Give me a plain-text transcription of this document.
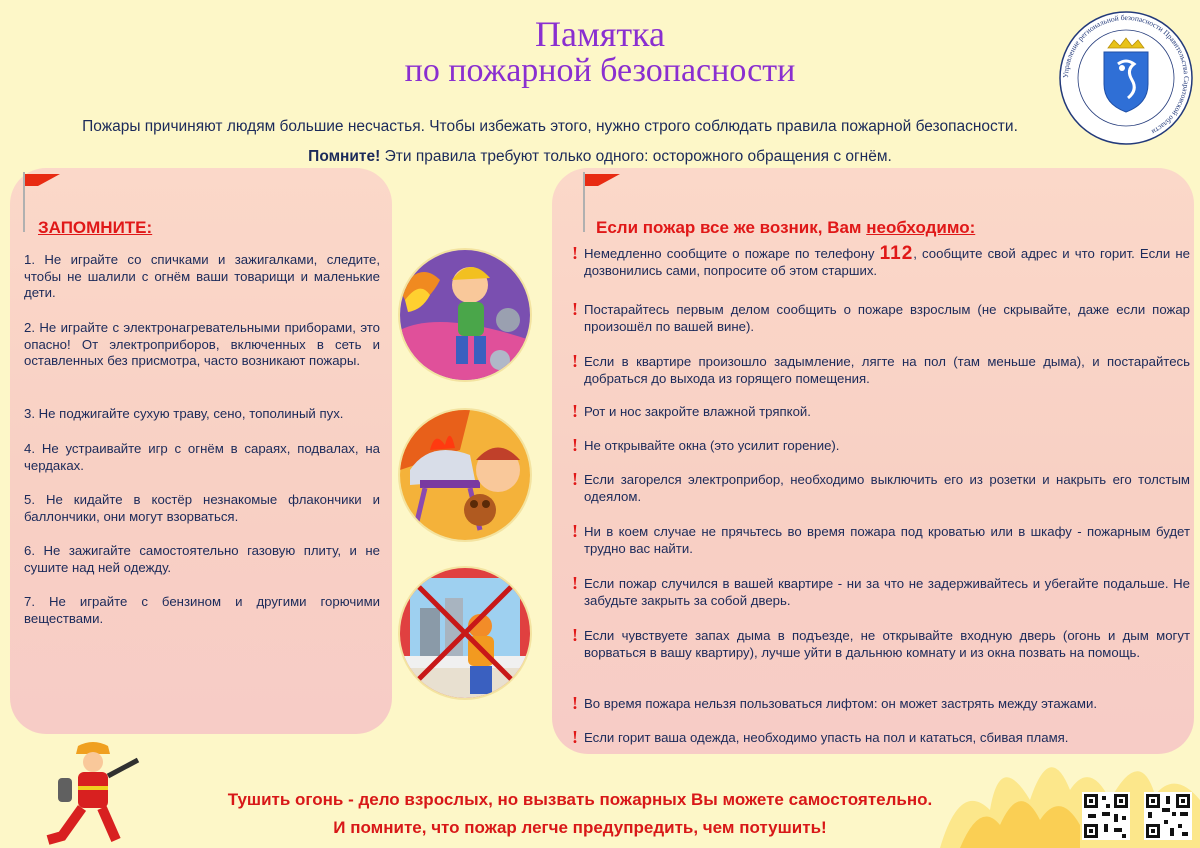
Памятка
по пожарной безопасности	Управление региональной безопасности Правительства Саратовской области
Пожары причиняют людям большие несчастья. Чтобы избежать этого, нужно строго соблюдать правила пожарной безопасности.
Помните! Эти правила требуют только одного: осторожного обращения с огнём.
ЗАПОМНИТЕ:
1. Не играйте со спичками и зажигалками, следите, чтобы не шалили с огнём ваши товарищи и маленькие дети.
2. Не играйте с электронагревательными приборами, это опасно! От электроприборов, включенных в сеть и оставленных без присмотра, часто возникают пожары.
3. Не поджигайте сухую траву, сено, тополиный пух.
4. Не устраивайте игр с огнём в сараях, подвалах, на чердаках.
5. Не кидайте в костёр незнакомые флакончики и баллончики, они могут взорваться.
6. Не зажигайте самостоятельно газовую плиту, и не сушите над ней одежду.
7. Не играйте с бензином и другими горючими веществами.
Если пожар все же возник, Вам необходимо:
! Немедленно сообщите о пожаре по телефону 112, сообщите свой адрес и что горит. Если не дозвонились сами, попросите об этом старших.
! Постарайтесь первым делом сообщить о пожаре взрослым (не скрывайте, даже если пожар произошёл по вашей вине).
! Если в квартире произошло задымление, лягте на пол (там меньше дыма), и постарайтесь добраться до выхода из горящего помещения.
! Рот и нос закройте влажной тряпкой.
! Не открывайте окна (это усилит горение).
! Если загорелся электроприбор, необходимо выключить его из розетки и накрыть его толстым одеялом.
! Ни в коем случае не прячьтесь во время пожара под кроватью или в шкафу - пожарным будет трудно вас найти.
! Если пожар случился в вашей квартире - ни за что не задерживайтесь и убегайте подальше. Не забудьте закрыть за собой дверь.
! Если чувствуете запах дыма в подъезде, не открывайте входную дверь (огонь и дым могут ворваться в вашу квартиру), лучше уйти в дальнюю комнату и из окна позвать на помощь.
! Во время пожара нельзя пользоваться лифтом: он может застрять между этажами.
! Если горит ваша одежда, необходимо упасть на пол и кататься, сбивая пламя.
Тушить огонь - дело взрослых, но вызвать пожарных Вы можете самостоятельно.
И помните, что пожар легче предупредить, чем потушить!
